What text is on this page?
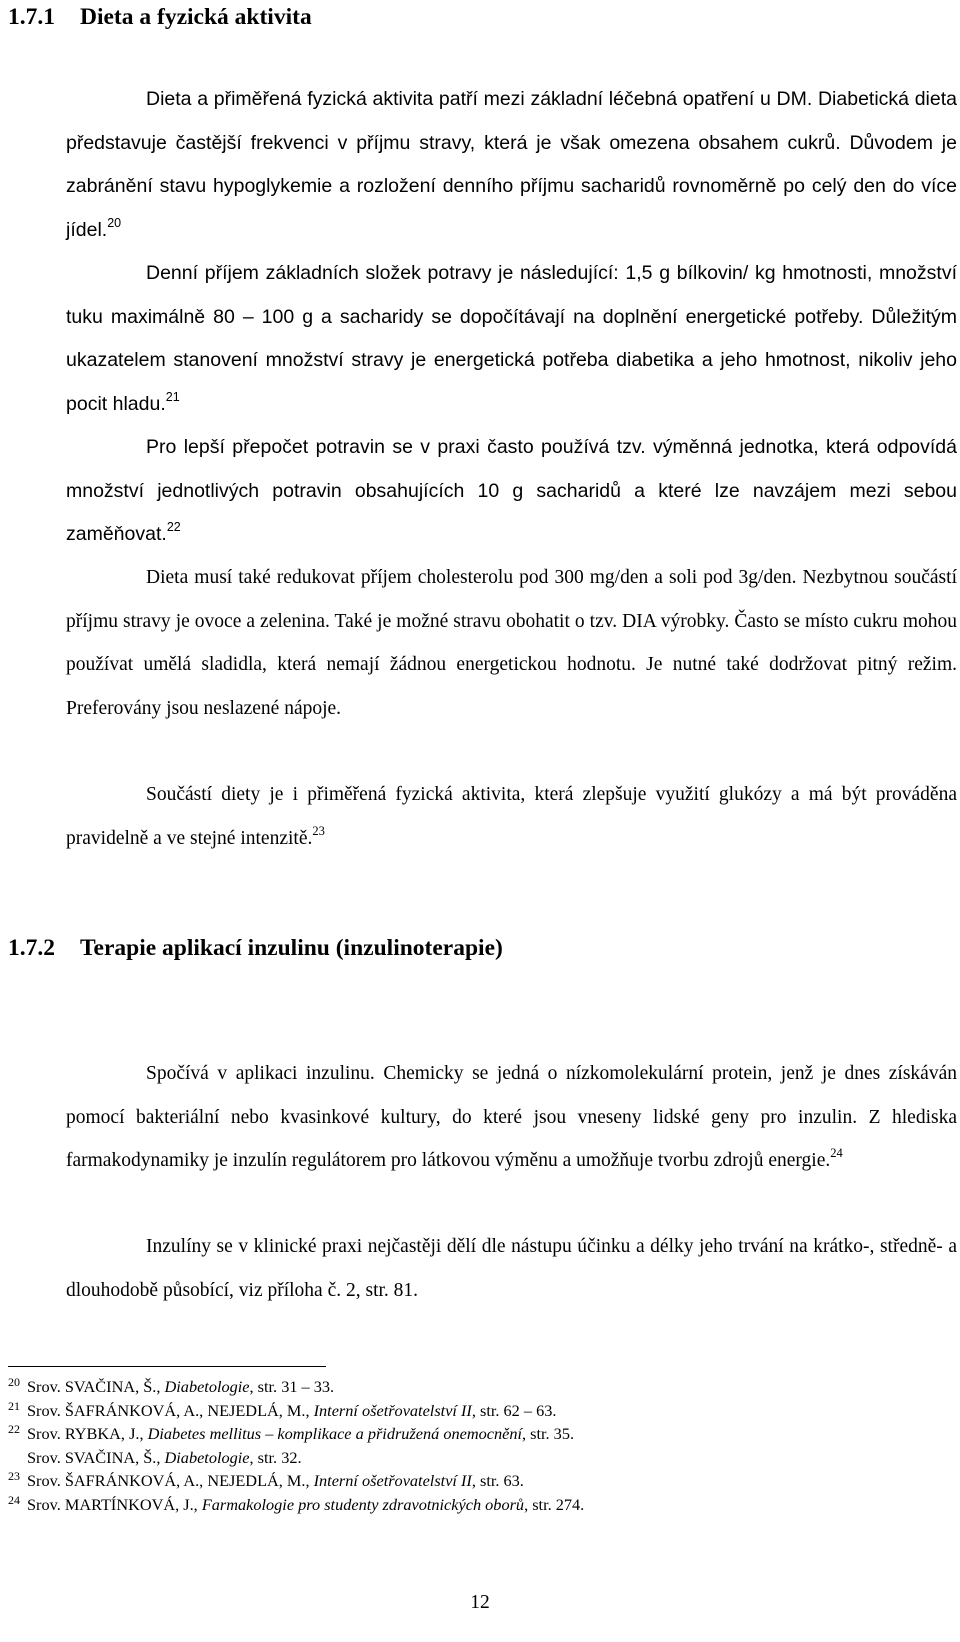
1.7.1 Dieta a fyzická aktivita

Dieta a přiměřená fyzická aktivita patří mezi základní léčebná opatření u DM. Diabetická dieta představuje častější frekvenci v příjmu stravy, která je však omezena obsahem cukrů. Důvodem je zabránění stavu hypoglykemie a rozložení denního příjmu sacharidů rovnoměrně po celý den do více jídel.$^{20}$

Denní příjem základních složek potravy je následující: 1,5 g bílkovin/ kg hmotnosti, množství tuku maximálně 80 – 100 g a sacharidy se dopočítávají na doplnění energetické potřeby. Důležitým ukazatelem stanovení množství stravy je energetická potřeba diabetika a jeho hmotnost, nikoliv jeho pocit hladu.$^{21}$

Pro lepší přepočet potravin se v praxi často používá tzv. výměnná jednotka, která odpovídá množství jednotlivých potravin obsahujících 10 g sacharidů a které lze navzájem mezi sebou zaměňovat.$^{22}$

Dieta musí také redukovat příjem cholesterolu pod 300 mg/den a soli pod 3g/den. Nezbytnou součástí příjmu stravy je ovoce a zelenina. Také je možné stravu obohatit o tzv. DIA výrobky. Často se místo cukru mohou používat umělá sladidla, která nemají žádnou energetickou hodnotu. Je nutné také dodržovat pitný režim. Preferovány jsou neslazené nápoje.

Součástí diety je i přiměřená fyzická aktivita, která zlepšuje využití glukózy a má být prováděna pravidelně a ve stejné intenzitě.$^{23}$

1.7.2 Terapie aplikací inzulinu (inzulinoterapie)

Spočívá v aplikaci inzulinu. Chemicky se jedná o nízkomolekulární protein, jenž je dnes získáván pomocí bakteriální nebo kvasinkové kultury, do které jsou vneseny lidské geny pro inzulin. Z hlediska farmakodynamiky je inzulín regulátorem pro látkovou výměnu a umožňuje tvorbu zdrojů energie.$^{24}$

Inzulíny se v klinické praxi nejčastěji dělí dle nástupu účinku a délky jeho trvání na krátko-, středně- a dlouhodobě působící, viz příloha č. 2, str. 81.

20 Srov. SVAČINA, Š., Diabetologie, str. 31 – 33.
21 Srov. ŠAFRÁNKOVÁ, A., NEJEDLÁ, M., Interní ošetřovatelství II, str. 62 – 63.
22 Srov. RYBKA, J., Diabetes mellitus – komplikace a přidružená onemocnění, str. 35.
Srov. SVAČINA, Š., Diabetologie, str. 32.
23 Srov. ŠAFRÁNKOVÁ, A., NEJEDLÁ, M., Interní ošetřovatelství II, str. 63.
24 Srov. MARTÍNKOVÁ, J., Farmakologie pro studenty zdravotnických oborů, str. 274.
12
